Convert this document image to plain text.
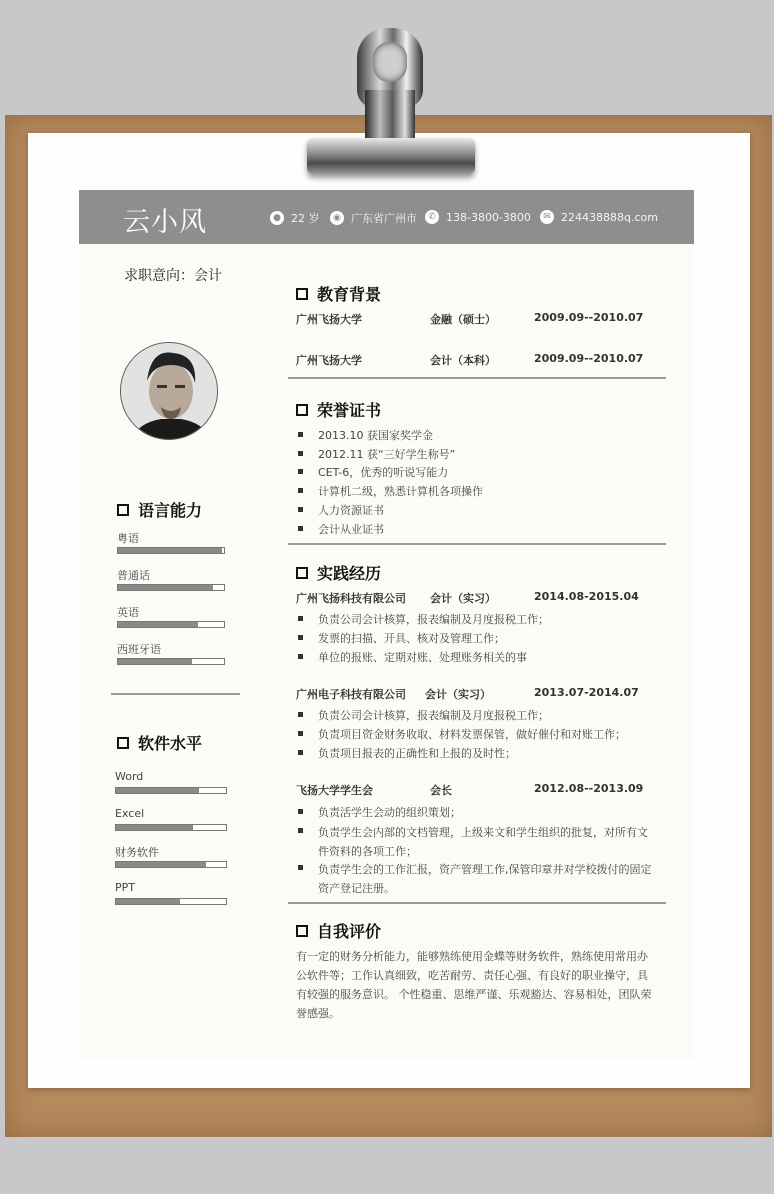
云小风	● 22 岁	◉ 广东省广州市	✆ 138-3800-3800	✉ 224438888q.com
求职意向：会计
语言能力
粤语
普通话
英语
西班牙语
软件水平
Word
Excel
财务软件
PPT
教育背景
广州飞扬大学	金融（硕士）	2009.09--2010.07
广州飞扬大学	会计（本科）	2009.09--2010.07
荣誉证书
2013.10 获国家奖学金
2012.11 获“三好学生称号”
CET-6，优秀的听说写能力
计算机二级，熟悉计算机各项操作
人力资源证书
会计从业证书
实践经历
广州飞扬科技有限公司 会计（实习）	2014.08-2015.04
负责公司会计核算，报表编制及月度报税工作；
发票的扫描、开具、核对及管理工作；
单位的报账、定期对账、处理账务相关的事
广州电子科技有限公司 会计（实习）	2013.07-2014.07
负责公司会计核算，报表编制及月度报税工作；
负责项目资金财务收取、材料发票保管，做好催付和对账工作；
负责项目报表的正确性和上报的及时性；
飞扬大学学生会	会长	2012.08--2013.09
负责活学生会动的组织策划；
负责学生会内部的文档管理，上级来文和学生组织的批复，对所有文件资料的各项工作；
负责学生会的工作汇报，资产管理工作,保管印章并对学校拨付的固定资产登记注册。
自我评价
有一定的财务分析能力，能够熟练使用金蝶等财务软件，熟练使用常用办公软件等；工作认真细致，吃苦耐劳、责任心强、有良好的职业操守，具有较强的服务意识。 个性稳重、思维严谨、乐观豁达、容易相处，团队荣誉感强。
